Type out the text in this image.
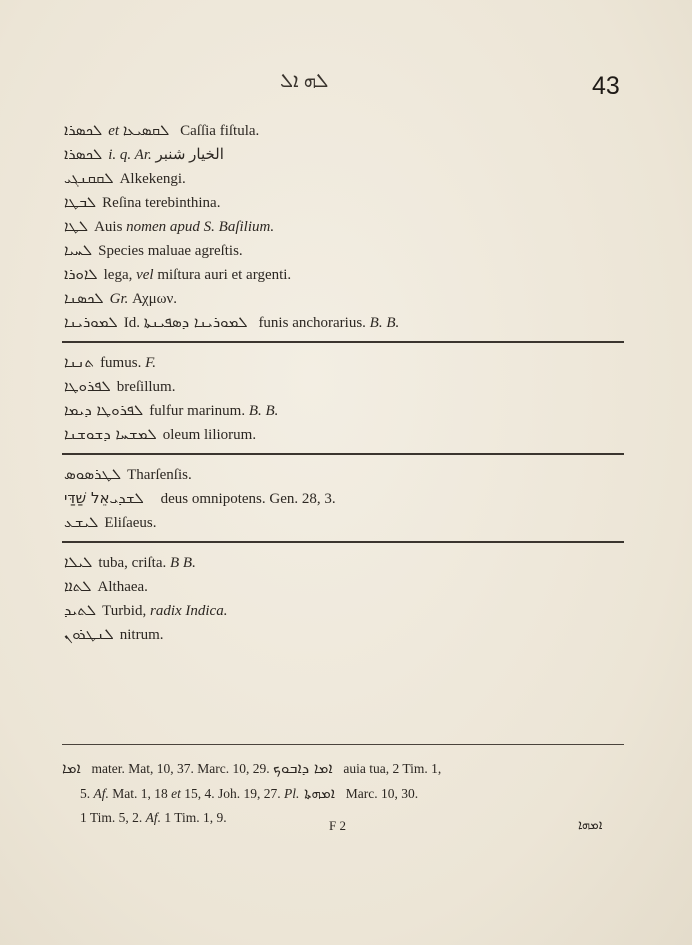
ܠܗ ܐܠ	43
ܠܟܣܪܐ et ܠܩܣܝܥܐ Caſſia fiſtula.
ܠܟܣܪܐ i. q. Ar. الخيار شنبر
ܠܩܩܢܓܝ Alkekengi.
ܠܒܛܐ Reſina terebinthina.
ܠܛܐ Auis nomen apud S. Baſilium.
ܠܚܝܐ Species maluae agreſtis.
ܠܐܘܪܐ lega, vel miſtura auri et argenti.
ܠܟܣܢܐ Gr. Αχμων.
ܠܡܘܪܝܢܐ Id. ܠܡܘܪܝܢܐ ܕܣܦܝܢܬܐ funis anchorarius. B. B.
ܬܢܢܐ fumus. F.
ܠܦܪܘܛܐ breſillum.
ܠܦܪܘܛܐ ܕܝܡܐ fulfur marinum. B. B.
ܠܡܫܚܐ ܕܫܘܫܢܐ oleum liliorum.
ܠܛܪܣܘܣ Tharſenſis.
ܠܫܕܝאֵל שַׁדַּי deus omnipotens. Gen. 28, 3.
ܠܝܫܥ Eliſaeus.
ܠܝܠܐ tuba, criſta. B B.
ܠܬܐܐ Althaea.
ܠܬܝܕ Turbid, radix Indica.
ܠܢܛܪܘܢ nitrum.
ܐܡܐ mater. Mat, 10, 37. Marc. 10, 29. ܐܡܐ ܕܐܒܘܟ auia tua, 2 Tim. 1,
5. Af. Mat. 1, 18 et 15, 4. Joh. 19, 27. Pl. ܐܡܗܬܐ Marc. 10, 30.
1 Tim. 5, 2. Af. 1 Tim. 1, 9.
F 2	ܐܡܗܐ
